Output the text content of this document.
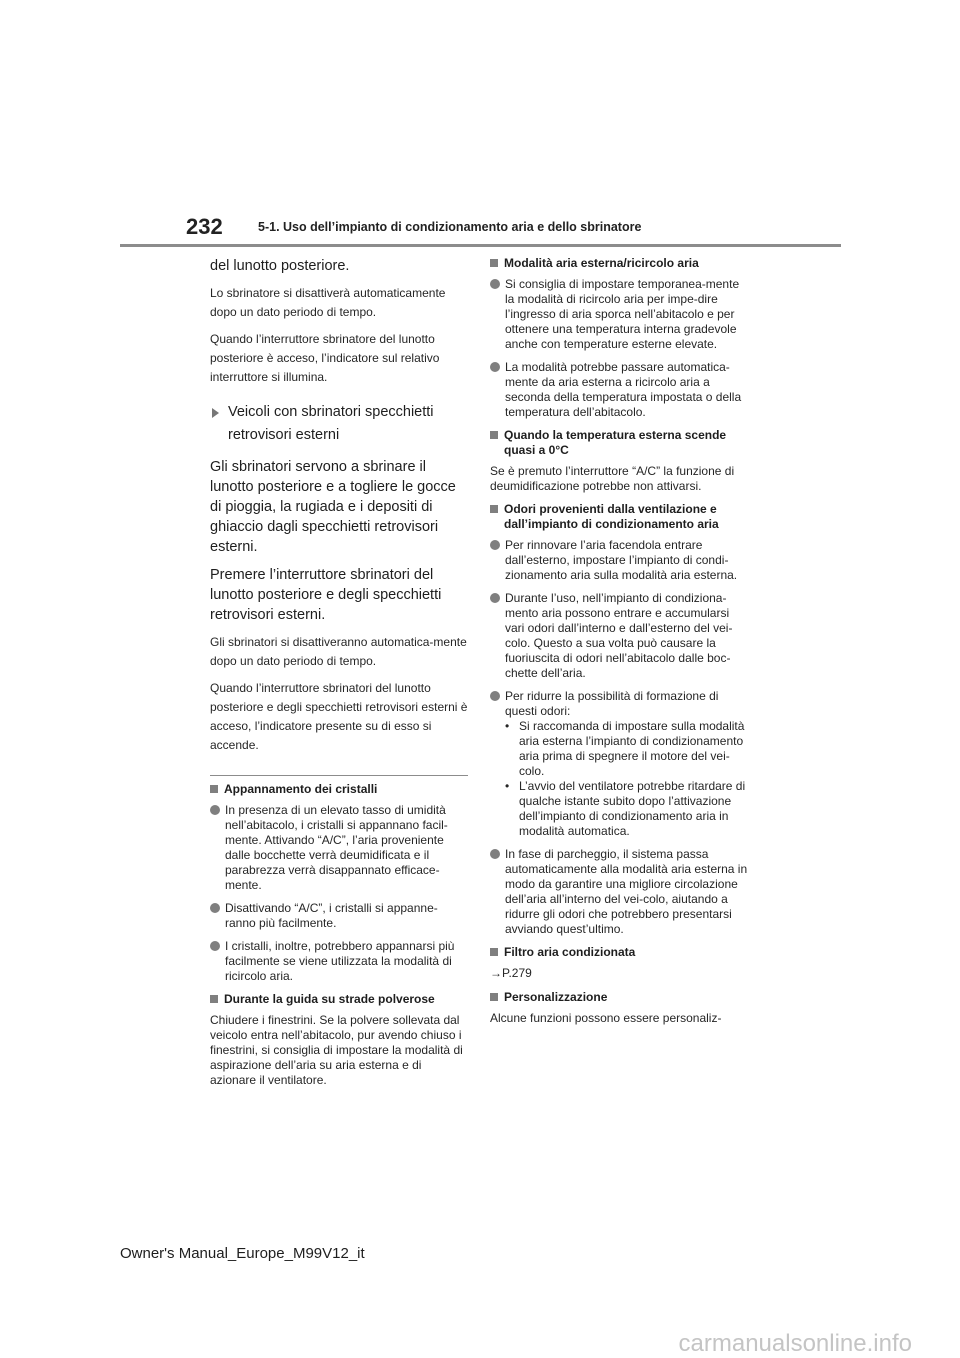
232	5-1. Uso dell’impianto di condizionamento aria e dello sbrinatore

del lunotto posteriore.

Lo sbrinatore si disattiverà automaticamente dopo un dato periodo di tempo.

Quando l’interruttore sbrinatore del lunotto posteriore è acceso, l’indicatore sul relativo interruttore si illumina.

Veicoli con sbrinatori specchietti retrovisori esterni

Gli sbrinatori servono a sbrinare il lunotto posteriore e a togliere le gocce di pioggia, la rugiada e i depositi di ghiaccio dagli specchietti retrovisori esterni.

Premere l’interruttore sbrinatori del lunotto posteriore e degli specchietti retrovisori esterni.

Gli sbrinatori si disattiveranno automatica-mente dopo un dato periodo di tempo.

Quando l’interruttore sbrinatori del lunotto posteriore e degli specchietti retrovisori esterni è acceso, l’indicatore presente su di esso si accende.

Appannamento dei cristalli
In presenza di un elevato tasso di umidità nell’abitacolo, i cristalli si appannano facil-mente. Attivando “A/C”, l’aria proveniente dalle bocchette verrà deumidificata e il parabrezza verrà disappannato efficace-mente.
Disattivando “A/C”, i cristalli si appanne-ranno più facilmente.
I cristalli, inoltre, potrebbero appannarsi più facilmente se viene utilizzata la modalità di ricircolo aria.
Durante la guida su strade polverose

Chiudere i finestrini. Se la polvere sollevata dal veicolo entra nell’abitacolo, pur avendo chiuso i finestrini, si consiglia di impostare la modalità di aspirazione dell’aria su aria esterna e di azionare il ventilatore.

Modalità aria esterna/ricircolo aria
Si consiglia di impostare temporanea-mente la modalità di ricircolo aria per impe-dire l’ingresso di aria sporca nell’abitacolo e per ottenere una temperatura interna gradevole anche con temperature esterne elevate.
La modalità potrebbe passare automatica-mente da aria esterna a ricircolo aria a seconda della temperatura impostata o della temperatura dell’abitacolo.
Quando la temperatura esterna scende quasi a 0°C

Se è premuto l’interruttore “A/C” la funzione di deumidificazione potrebbe non attivarsi.

Odori provenienti dalla ventilazione e dall’impianto di condizionamento aria
Per rinnovare l’aria facendola entrare dall’esterno, impostare l’impianto di condi-zionamento aria sulla modalità aria esterna.
Durante l’uso, nell’impianto di condiziona-mento aria possono entrare e accumularsi vari odori dall’interno e dall’esterno del vei-colo. Questo a sua volta può causare la fuoriuscita di odori nell’abitacolo dalle boc-chette dell’aria.
Per ridurre la possibilità di formazione di questi odori:
• Si raccomanda di impostare sulla modalità aria esterna l’impianto di condizionamento aria prima di spegnere il motore del vei-colo.
• L’avvio del ventilatore potrebbe ritardare di qualche istante subito dopo l’attivazione dell’impianto di condizionamento aria in modalità automatica.
In fase di parcheggio, il sistema passa automaticamente alla modalità aria esterna in modo da garantire una migliore circolazione dell’aria all’interno del vei-colo, aiutando a ridurre gli odori che potrebbero presentarsi avviando quest’ultimo.
Filtro aria condizionata

→P.279

Personalizzazione

Alcune funzioni possono essere personaliz-

Owner's Manual_Europe_M99V12_it
carmanualsonline.info
